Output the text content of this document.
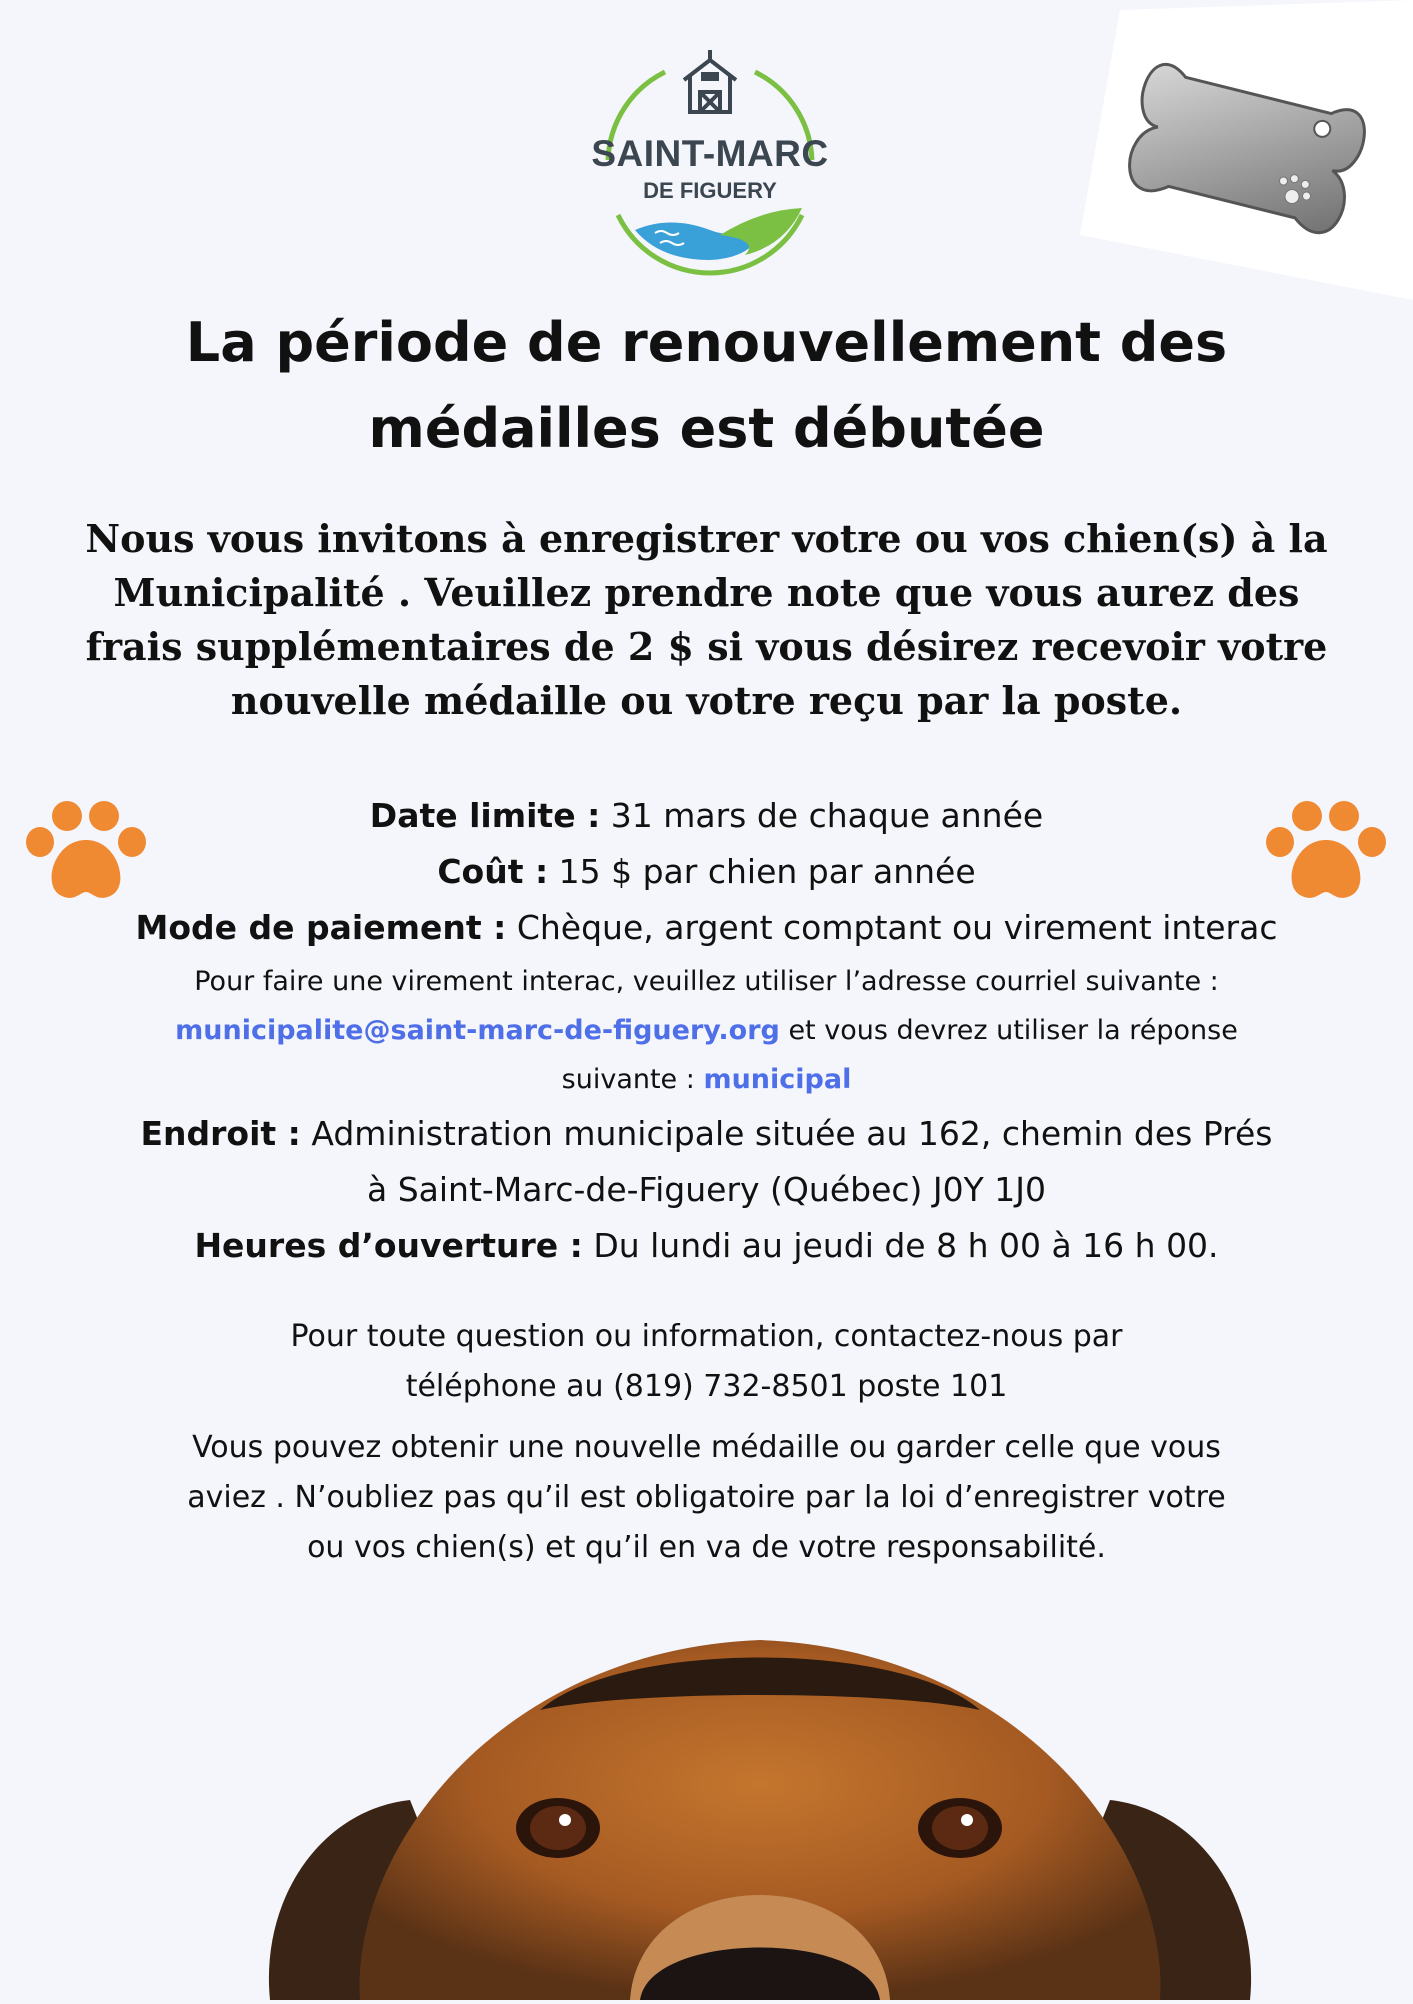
SAINT-MARC
DE FIGUERY
La période de renouvellement des médailles est débutée

Nous vous invitons à enregistrer votre ou vos chien(s) à la Municipalité . Veuillez prendre note que vous aurez des frais supplémentaires de 2 $ si vous désirez recevoir votre nouvelle médaille ou votre reçu par la poste.

Date limite : 31 mars de chaque année

Coût : 15 $ par chien par année

Mode de paiement : Chèque, argent comptant ou virement interac

Pour faire une virement interac, veuillez utiliser l’adresse courriel suivante :

municipalite@saint-marc-de-figuery.org et vous devrez utiliser la réponse

suivante : municipal

Endroit : Administration municipale située au 162, chemin des Prés

à Saint-Marc-de-Figuery (Québec) J0Y 1J0

Heures d’ouverture : Du lundi au jeudi de 8 h 00 à 16 h 00.

Pour toute question ou information, contactez-nous par
téléphone au (819) 732-8501 poste 101

Vous pouvez obtenir une nouvelle médaille ou garder celle que vous aviez . N’oubliez pas qu’il est obligatoire par la loi d’enregistrer votre ou vos chien(s) et qu’il en va de votre responsabilité.
